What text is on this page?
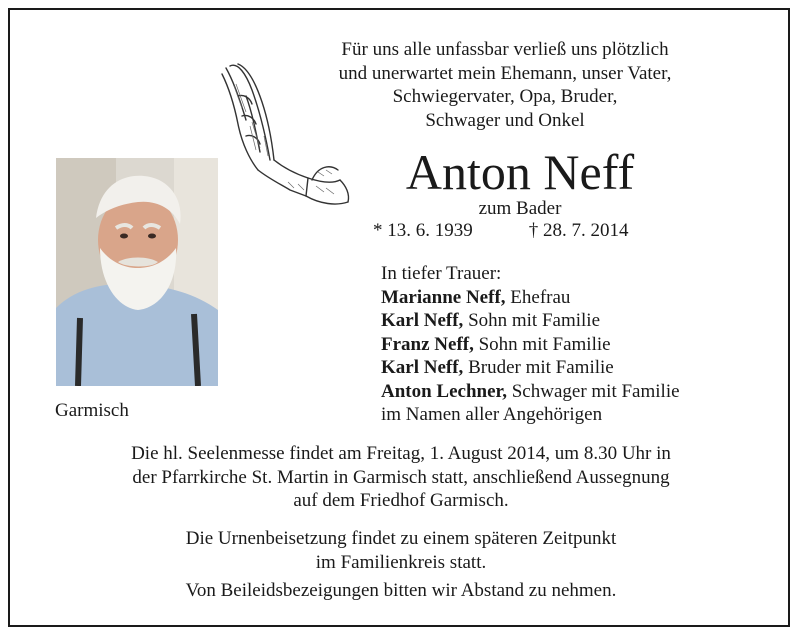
Für uns alle unfassbar verließ uns plötzlich
und unerwartet mein Ehemann, unser Vater,
Schwiegervater, Opa, Bruder,
Schwager und Onkel
Anton Neff
zum Bader
* 13. 6. 1939	† 28. 7. 2014
Garmisch
In tiefer Trauer:
Marianne Neff, Ehefrau
Karl Neff, Sohn mit Familie
Franz Neff, Sohn mit Familie
Karl Neff, Bruder mit Familie
Anton Lechner, Schwager mit Familie
im Namen aller Angehörigen
Die hl. Seelenmesse findet am Freitag, 1. August 2014, um 8.30 Uhr in
der Pfarrkirche St. Martin in Garmisch statt, anschließend Aussegnung
auf dem Friedhof Garmisch.
Die Urnenbeisetzung findet zu einem späteren Zeitpunkt
im Familienkreis statt.
Von Beileidsbezeigungen bitten wir Abstand zu nehmen.
